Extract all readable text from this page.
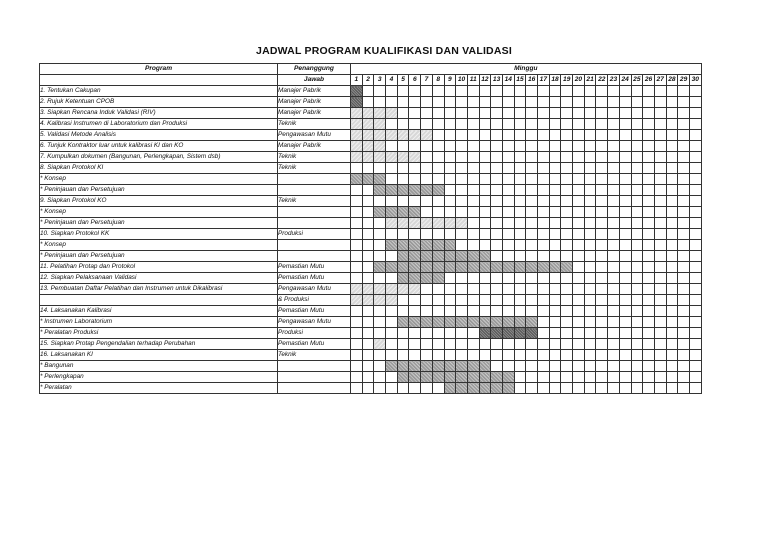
JADWAL PROGRAM KUALIFIKASI DAN VALIDASI
Program	Penanggung	Minggu																													
	Jawab	1	2	3	4	5	6	7	8	9	10	11	12	13	14	15	16	17	18	19	20	21	22	23	24	25	26	27	28	29	30
1. Tentukan Cakupan	Manajer Pabrik																														
2. Rujuk Ketentuan CPOB	Manajer Pabrik																														
3. Siapkan Rencana Induk Validasi (RIV)	Manajer Pabrik																														
4. Kalibrasi Instrumen di Laboratorium dan Produksi	Teknik																														
5. Validasi Metode Analisis	Pengawasan Mutu																														
6. Tunjuk Kontraktor luar untuk kalibrasi KI dan KO	Manajer Pabrik																														
7. Kumpulkan dokumen (Bangunan, Perlengkapan, Sistem dsb)	Teknik																														
8. Siapkan Protokol KI	Teknik																														
* Konsep																															
* Peninjauan dan Persetujuan																															
9. Siapkan Protokol KO	Teknik																														
* Konsep																															
* Peninjauan dan Persetujuan																															
10. Siapkan Protokol KK	Produksi																														
* Konsep																															
* Peninjauan dan Persetujuan																															
11. Pelatihan Protap dan Protokol	Pemastian Mutu																														
12. Siapkan Pelaksanaan Validasi	Pemastian Mutu																														
13. Pembuatan Daftar Pelatihan dan Instrumen untuk Dikalibrasi	Pengawasan Mutu																														
	& Produksi																														
14. Laksanakan Kalibrasi	Pemastian Mutu																														
* Instrumen Laboratorium	Pengawasan Mutu																														
* Peralatan Produksi	Produksi																														
15. Siapkan Protap Pengendalian terhadap Perubahan	Pemastian Mutu																														
16. Laksanakan KI	Teknik																														
* Bangunan																															
* Perlengkapan																															
* Peralatan																															
